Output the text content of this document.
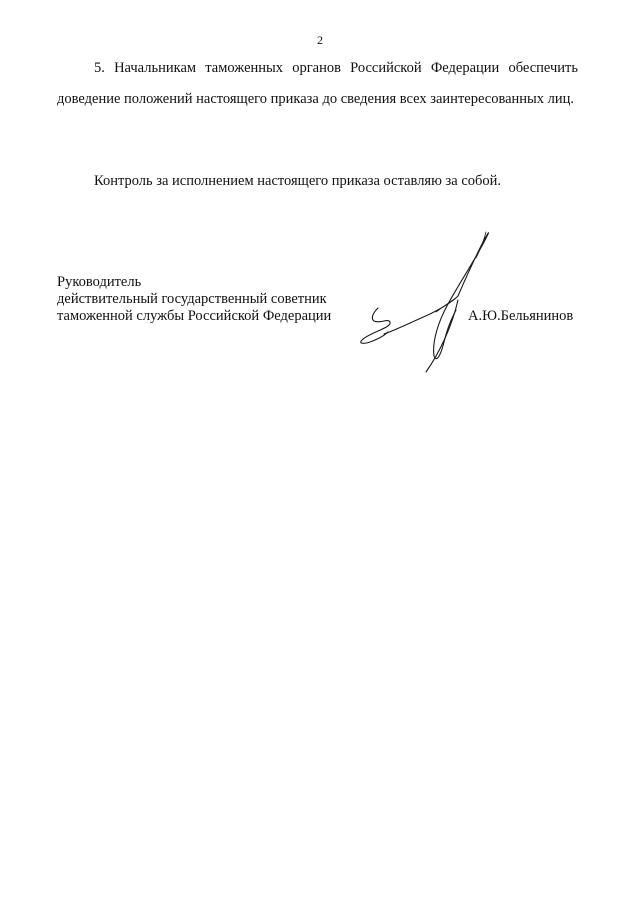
2

5. Начальникам таможенных органов Российской Федерации обеспечить доведение положений настоящего приказа до сведения всех заинтересованных лиц.

Контроль за исполнением настоящего приказа оставляю за собой.

Руководитель
действительный государственный советник
таможенной службы Российской Федерации	А.Ю.Бельянинов
